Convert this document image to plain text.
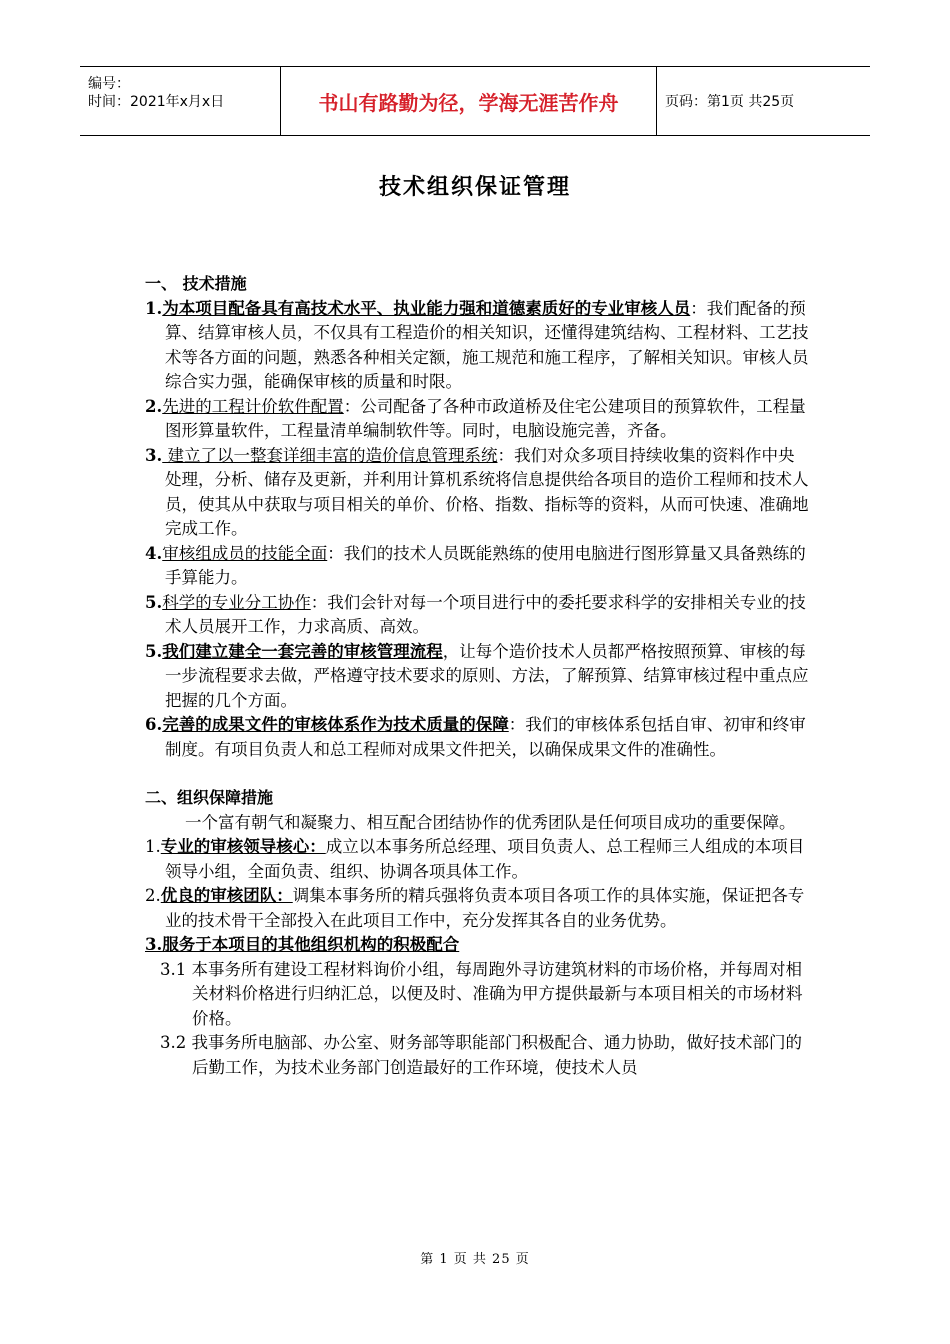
编号：
时间：2021年x月x日	书山有路勤为径，学海无涯苦作舟	页码：第1页 共25页
技术组织保证管理

一、 技术措施

1.为本项目配备具有高技术水平、执业能力强和道德素质好的专业审核人员：我们配备的预算、结算审核人员，不仅具有工程造价的相关知识，还懂得建筑结构、工程材料、工艺技术等各方面的问题，熟悉各种相关定额，施工规范和施工程序，了解相关知识。审核人员综合实力强，能确保审核的质量和时限。

2.先进的工程计价软件配置：公司配备了各种市政道桥及住宅公建项目的预算软件，工程量图形算量软件，工程量清单编制软件等。同时，电脑设施完善，齐备。

3. 建立了以一整套详细丰富的造价信息管理系统：我们对众多项目持续收集的资料作中央处理，分析、储存及更新，并利用计算机系统将信息提供给各项目的造价工程师和技术人员，使其从中获取与项目相关的单价、价格、指数、指标等的资料，从而可快速、准确地完成工作。

4.审核组成员的技能全面：我们的技术人员既能熟练的使用电脑进行图形算量又具备熟练的手算能力。

5.科学的专业分工协作：我们会针对每一个项目进行中的委托要求科学的安排相关专业的技术人员展开工作，力求高质、高效。

5.我们建立建全一套完善的审核管理流程，让每个造价技术人员都严格按照预算、审核的每一步流程要求去做，严格遵守技术要求的原则、方法，了解预算、结算审核过程中重点应把握的几个方面。

6.完善的成果文件的审核体系作为技术质量的保障：我们的审核体系包括自审、初审和终审制度。有项目负责人和总工程师对成果文件把关，以确保成果文件的准确性。

二、组织保障措施

一个富有朝气和凝聚力、相互配合团结协作的优秀团队是任何项目成功的重要保障。

1.专业的审核领导核心：成立以本事务所总经理、项目负责人、总工程师三人组成的本项目领导小组，全面负责、组织、协调各项具体工作。

2.优良的审核团队：调集本事务所的精兵强将负责本项目各项工作的具体实施，保证把各专业的技术骨干全部投入在此项目工作中，充分发挥其各自的业务优势。

3.服务于本项目的其他组织机构的积极配合

3.1 本事务所有建设工程材料询价小组，每周跑外寻访建筑材料的市场价格，并每周对相关材料价格进行归纳汇总，以便及时、准确为甲方提供最新与本项目相关的市场材料价格。

3.2 我事务所电脑部、办公室、财务部等职能部门积极配合、通力协助，做好技术部门的后勤工作，为技术业务部门创造最好的工作环境，使技术人员

第 1 页 共 25 页
